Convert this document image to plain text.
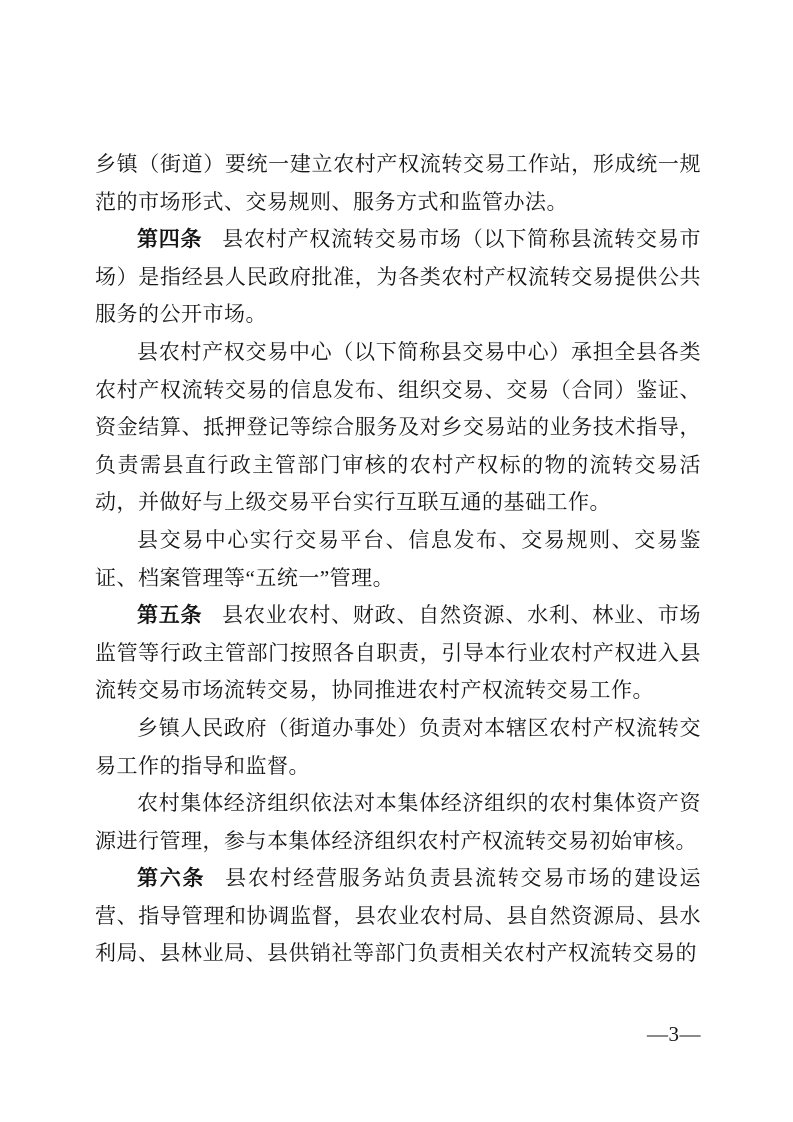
乡镇（街道）要统一建立农村产权流转交易工作站，形成统一规范的市场形式、交易规则、服务方式和监管办法。

第四条 县农村产权流转交易市场（以下简称县流转交易市场）是指经县人民政府批准，为各类农村产权流转交易提供公共服务的公开市场。

县农村产权交易中心（以下简称县交易中心）承担全县各类农村产权流转交易的信息发布、组织交易、交易（合同）鉴证、资金结算、抵押登记等综合服务及对乡交易站的业务技术指导，负责需县直行政主管部门审核的农村产权标的物的流转交易活动，并做好与上级交易平台实行互联互通的基础工作。

县交易中心实行交易平台、信息发布、交易规则、交易鉴证、档案管理等“五统一”管理。

第五条 县农业农村、财政、自然资源、水利、林业、市场监管等行政主管部门按照各自职责，引导本行业农村产权进入县流转交易市场流转交易，协同推进农村产权流转交易工作。

乡镇人民政府（街道办事处）负责对本辖区农村产权流转交易工作的指导和监督。

农村集体经济组织依法对本集体经济组织的农村集体资产资源进行管理，参与本集体经济组织农村产权流转交易初始审核。

第六条 县农村经营服务站负责县流转交易市场的建设运营、指导管理和协调监督，县农业农村局、县自然资源局、县水利局、县林业局、县供销社等部门负责相关农村产权流转交易的

—3—
